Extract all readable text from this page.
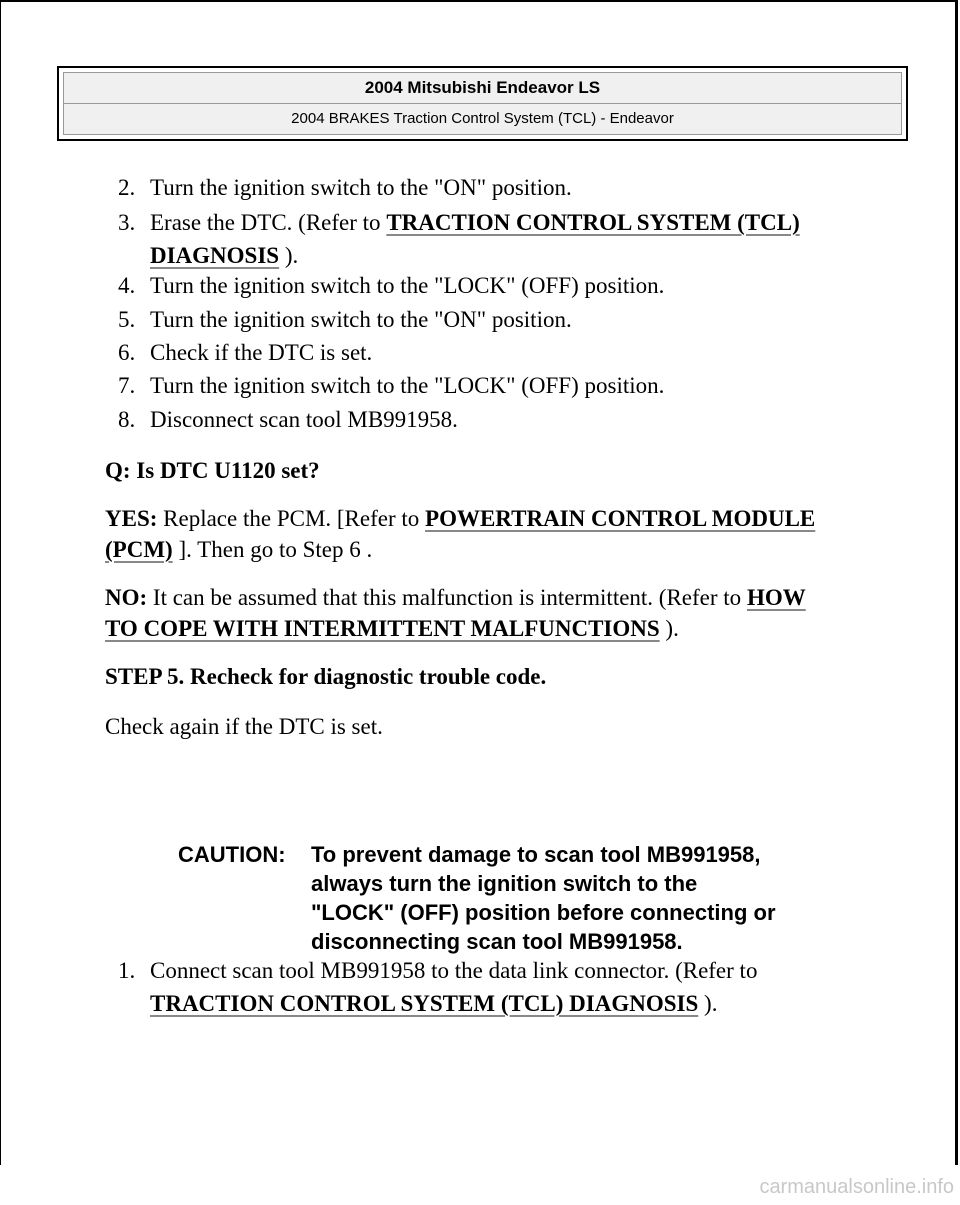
2004 Mitsubishi Endeavor LS
2004 BRAKES Traction Control System (TCL) - Endeavor
2. Turn the ignition switch to the "ON" position.
3. Erase the DTC. (Refer to TRACTION CONTROL SYSTEM (TCL)
DIAGNOSIS ).
4. Turn the ignition switch to the "LOCK" (OFF) position.
5. Turn the ignition switch to the "ON" position.
6. Check if the DTC is set.
7. Turn the ignition switch to the "LOCK" (OFF) position.
8. Disconnect scan tool MB991958.
Q: Is DTC U1120 set?
YES: Replace the PCM. [Refer to POWERTRAIN CONTROL MODULE
(PCM) ]. Then go to Step 6 .
NO: It can be assumed that this malfunction is intermittent. (Refer to HOW
TO COPE WITH INTERMITTENT MALFUNCTIONS ).
STEP 5. Recheck for diagnostic trouble code.
Check again if the DTC is set.
CAUTION: To prevent damage to scan tool MB991958,
always turn the ignition switch to the
"LOCK" (OFF) position before connecting or
disconnecting scan tool MB991958.
1. Connect scan tool MB991958 to the data link connector. (Refer to
TRACTION CONTROL SYSTEM (TCL) DIAGNOSIS ).
carmanualsonline.info
